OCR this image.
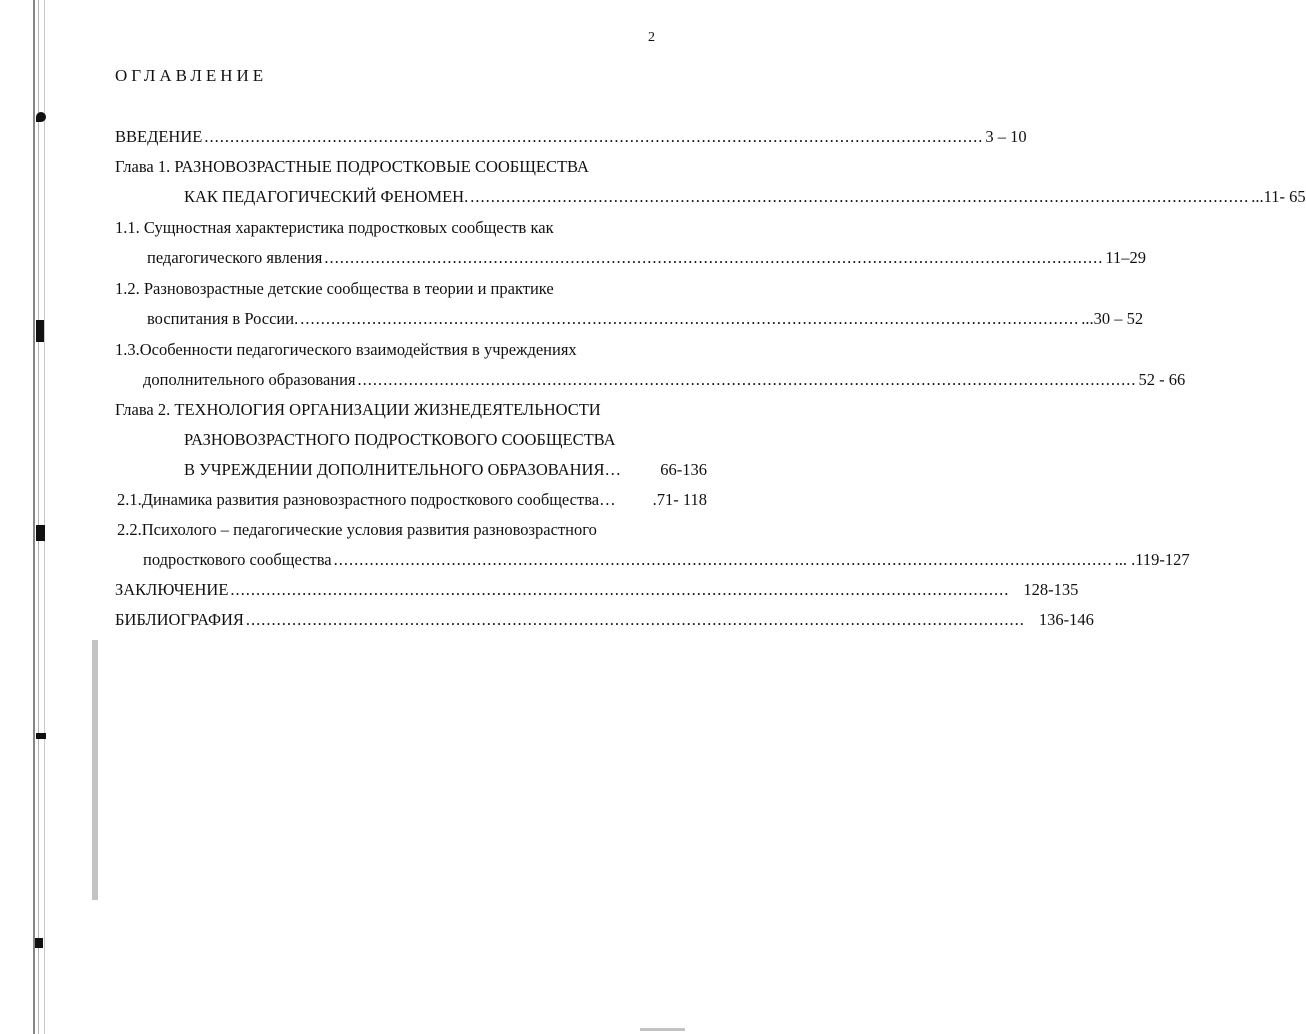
2
ОГЛАВЛЕНИЕ
ВВЕДЕНИЕ ........................................................................................................................................................ 3 – 10
Глава 1. РАЗНОВОЗРАСТНЫЕ ПОДРОСТКОВЫЕ СООБЩЕСТВА
КАК ПЕДАГОГИЧЕСКИЙ ФЕНОМЕН. ........................................................................................................................................................ ...11- 65
1.1. Сущностная характеристика подростковых сообществ как
педагогического явления ........................................................................................................................................................ 11–29
1.2. Разновозрастные детские сообщества в теории и практике
воспитания в России. ........................................................................................................................................................ ...30 – 52
1.3.Особенности педагогического взаимодействия в учреждениях
дополнительного образования ........................................................................................................................................................ 52 - 66
Глава 2. ТЕХНОЛОГИЯ ОРГАНИЗАЦИИ ЖИЗНЕДЕЯТЕЛЬНОСТИ
РАЗНОВОЗРАСТНОГО ПОДРОСТКОВОГО СООБЩЕСТВА
В УЧРЕЖДЕНИИ ДОПОЛНИТЕЛЬНОГО ОБРАЗОВАНИЯ… 66-136
2.1.Динамика развития разновозрастного подросткового сообщества… .71- 118
2.2.Психолого – педагогические условия развития разновозрастного
подросткового сообщества ........................................................................................................................................................ ... .119-127
ЗАКЛЮЧЕНИЕ ........................................................................................................................................................ 128-135
БИБЛИОГРАФИЯ ........................................................................................................................................................ 136-146
